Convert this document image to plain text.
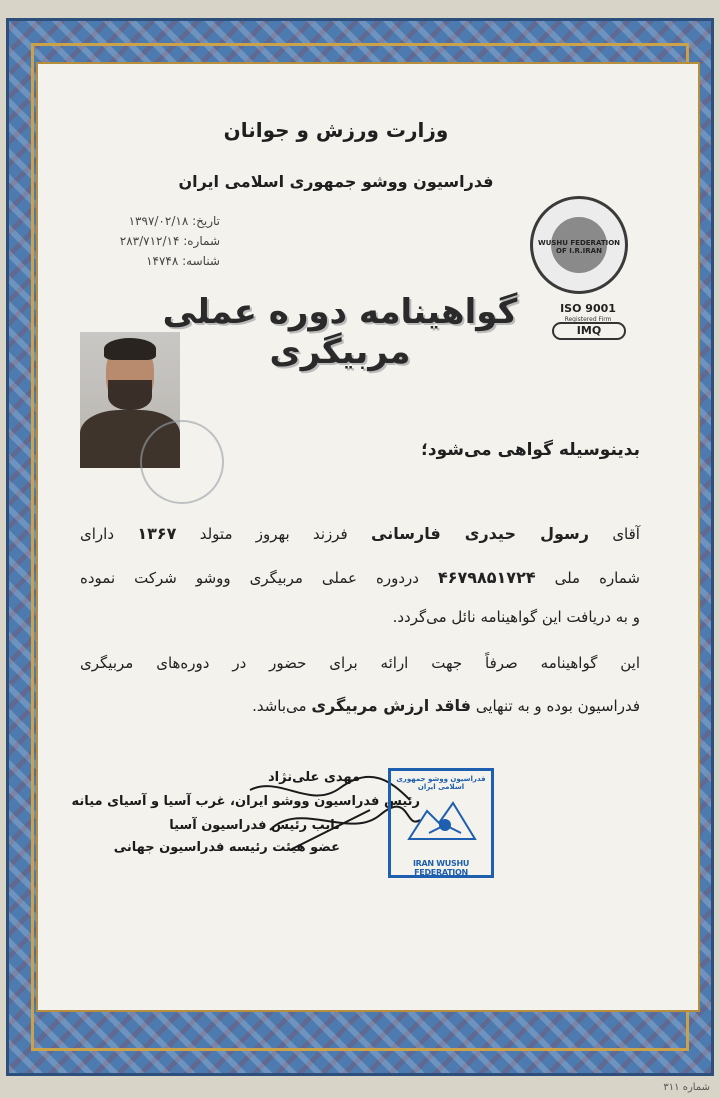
وزارت ورزش و جوانان
فدراسیون ووشو جمهوری اسلامی ایران
تاریخ: ۱۳۹۷/۰۲/۱۸
شماره: ۲۸۳/۷۱۲/۱۴
شناسه: ۱۴۷۴۸
WUSHU FEDERATION OF I.R.IRAN
ISO 9001
Registered Firm
IMQ
گواهینامه دوره عملی مربیگری
بدینوسیله گواهی می‌شود؛
آقای رسول حیدری فارسانی فرزند بهروز متولد ۱۳۶۷ دارای
شماره ملی ۴۶۷۹۸۵۱۷۲۴ دردوره عملی مربیگری ووشو شرکت نموده
و به دریافت این گواهینامه نائل می‌گردد.
این گواهینامه صرفاً جهت ارائه برای حضور در دوره‌های مربیگری
فدراسیون بوده و به تنهایی فاقد ارزش مربیگری می‌باشد.
مهدی علی‌نژاد
رئیس فدراسیون ووشو ایران، غرب آسیا و آسیای میانه
نایب رئیس فدراسیون آسیا
عضو هیئت رئیسه فدراسیون جهانی
فدراسیون ووشو جمهوری اسلامی ایران
IRAN WUSHU FEDERATION
شماره ۳۱۱
